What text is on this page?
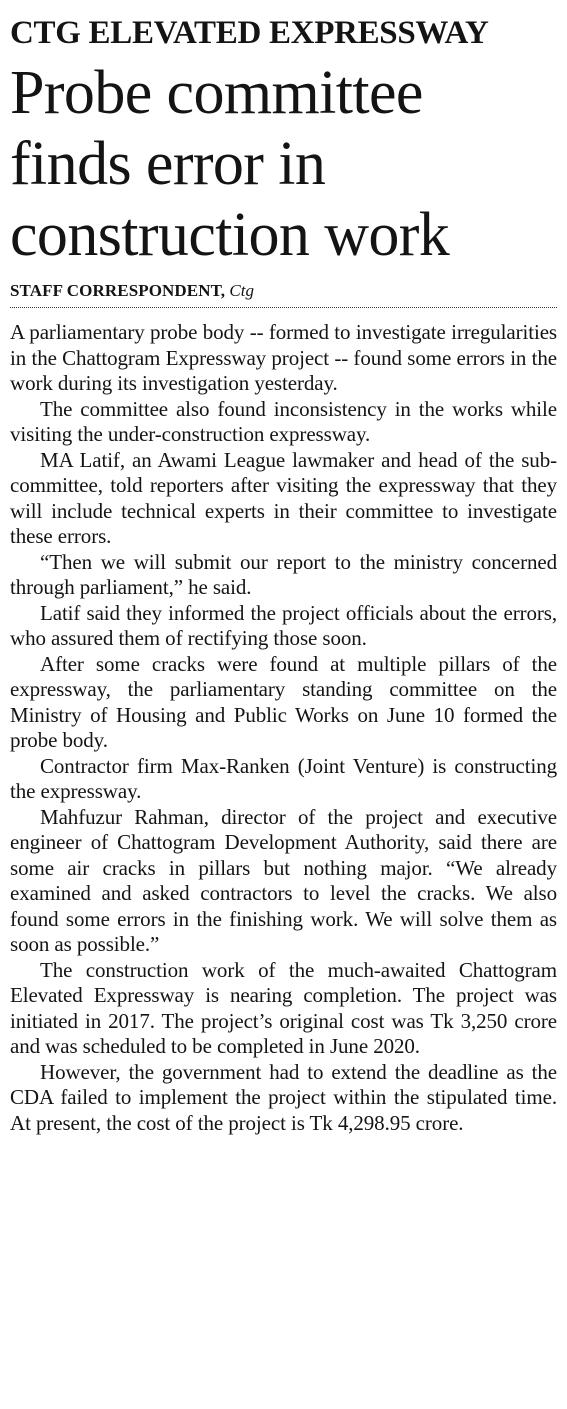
CTG ELEVATED EXPRESSWAY
Probe committee finds error in construction work
STAFF CORRESPONDENT, Ctg

A parliamentary probe body -- formed to investigate irregularities in the Chattogram Expressway project -- found some errors in the work during its investigation yesterday.

The committee also found inconsistency in the works while visiting the under-construction expressway.

MA Latif, an Awami League lawmaker and head of the sub-committee, told reporters after visiting the expressway that they will include technical experts in their committee to investigate these errors.

“Then we will submit our report to the ministry concerned through parliament,” he said.

Latif said they informed the project officials about the errors, who assured them of rectifying those soon.

After some cracks were found at multiple pillars of the expressway, the parliamentary standing committee on the Ministry of Housing and Public Works on June 10 formed the probe body.

Contractor firm Max-Ranken (Joint Venture) is constructing the expressway.

Mahfuzur Rahman, director of the project and executive engineer of Chattogram Development Authority, said there are some air cracks in pillars but nothing major. “We already examined and asked contractors to level the cracks. We also found some errors in the finishing work. We will solve them as soon as possible.”

The construction work of the much-awaited Chattogram Elevated Expressway is nearing completion. The project was initiated in 2017. The project’s original cost was Tk 3,250 crore and was scheduled to be completed in June 2020.

However, the government had to extend the deadline as the CDA failed to implement the project within the stipulated time. At present, the cost of the project is Tk 4,298.95 crore.
